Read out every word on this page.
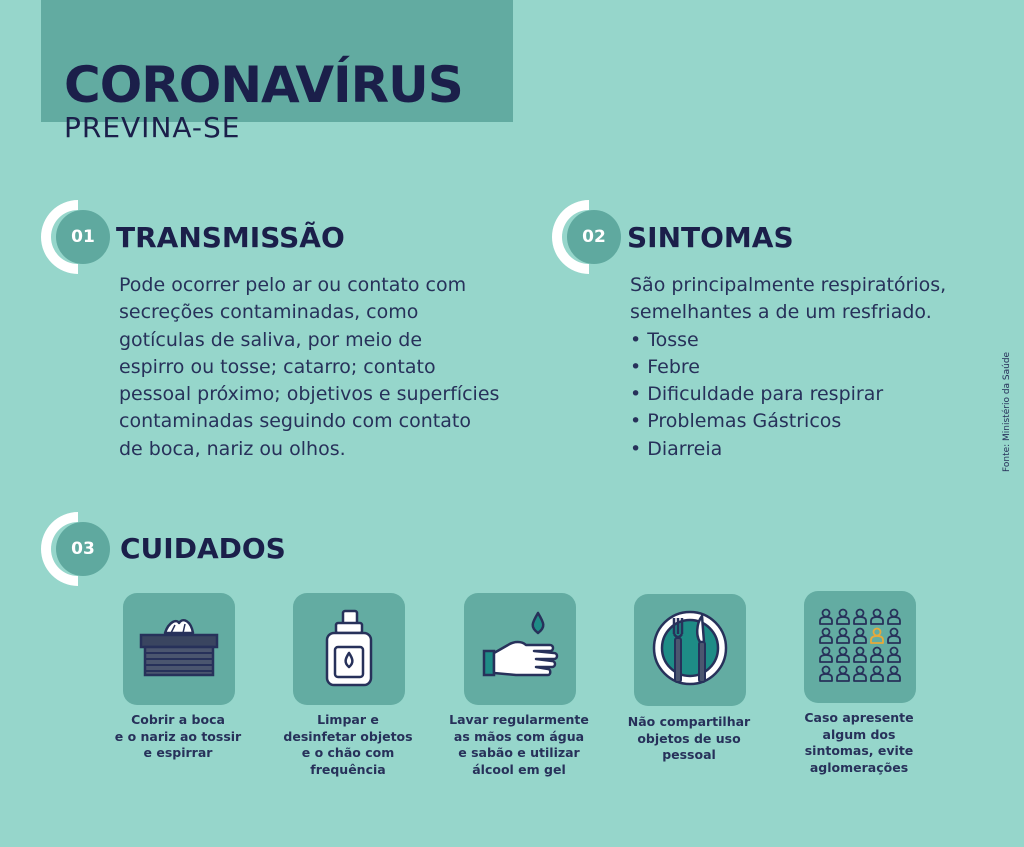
CORONAVÍRUS
PREVINA-SE
01 TRANSMISSÃO

Pode ocorrer pelo ar ou contato com

secreções contaminadas, como

gotículas de saliva, por meio de

espirro ou tosse; catarro; contato

pessoal próximo; objetivos e superfícies

contaminadas seguindo com contato

de boca, nariz ou olhos.

02 SINTOMAS

São principalmente respiratórios,

semelhantes a de um resfriado.

• Tosse
• Febre
• Dificuldade para respirar
• Problemas Gástricos
• Diarreia	Fonte: Ministério da Saúde
03 CUIDADOS
Cobrir a boca
e o nariz ao tossir
e espirrar
Limpar e
desinfetar objetos
e o chão com
frequência
Lavar regularmente
as mãos com água
e sabão e utilizar
álcool em gel
Não compartilhar
objetos de uso
pessoal
Caso apresente
algum dos
sintomas, evite
aglomerações
